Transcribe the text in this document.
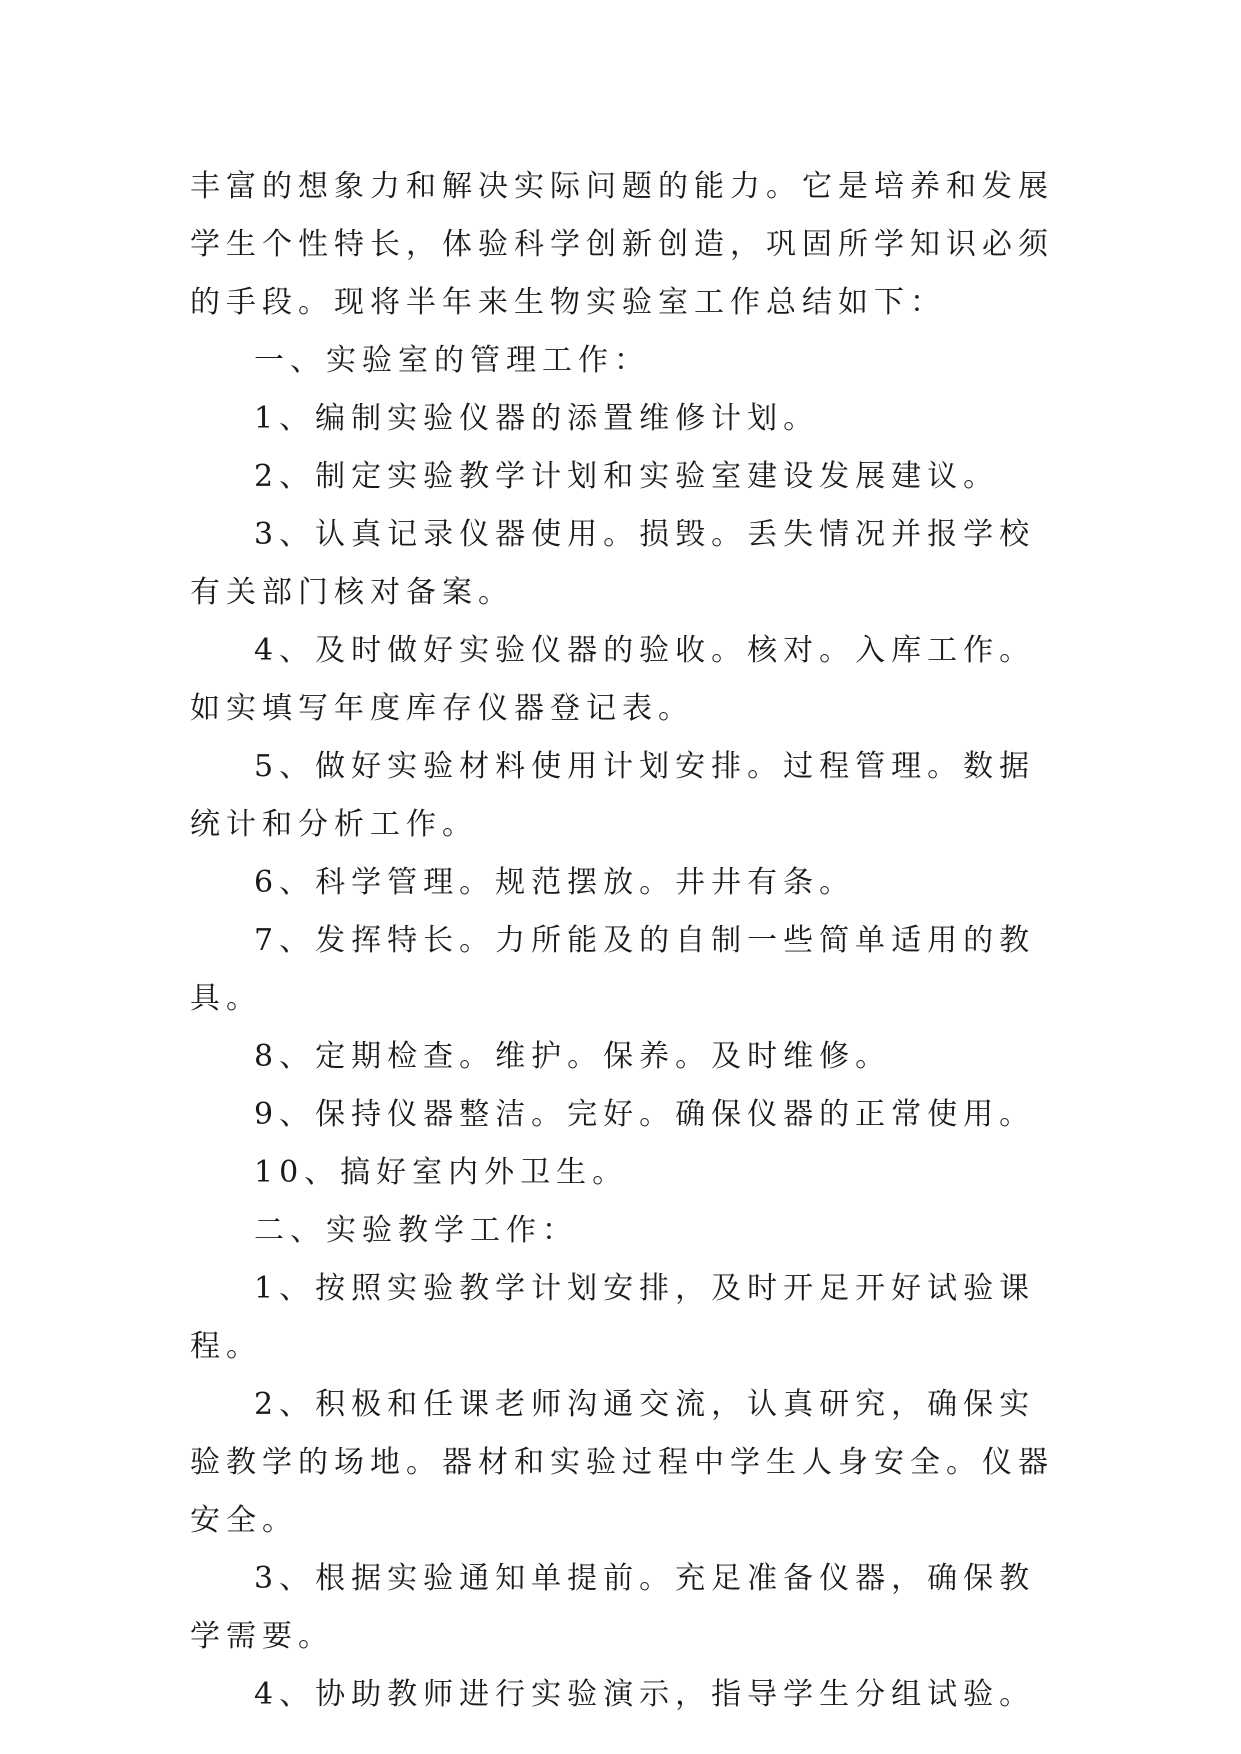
丰富的想象力和解决实际问题的能力。它是培养和发展学生个性特长，体验科学创新创造，巩固所学知识必须的手段。现将半年来生物实验室工作总结如下：

一、实验室的管理工作：

1、编制实验仪器的添置维修计划。

2、制定实验教学计划和实验室建设发展建议。

3、认真记录仪器使用。损毁。丢失情况并报学校有关部门核对备案。

4、及时做好实验仪器的验收。核对。入库工作。如实填写年度库存仪器登记表。

5、做好实验材料使用计划安排。过程管理。数据统计和分析工作。

6、科学管理。规范摆放。井井有条。

7、发挥特长。力所能及的自制一些简单适用的教具。

8、定期检查。维护。保养。及时维修。

9、保持仪器整洁。完好。确保仪器的正常使用。

10、搞好室内外卫生。

二、实验教学工作：

1、按照实验教学计划安排，及时开足开好试验课程。

2、积极和任课老师沟通交流，认真研究，确保实验教学的场地。器材和实验过程中学生人身安全。仪器安全。

3、根据实验通知单提前。充足准备仪器，确保教学需要。

4、协助教师进行实验演示，指导学生分组试验。
